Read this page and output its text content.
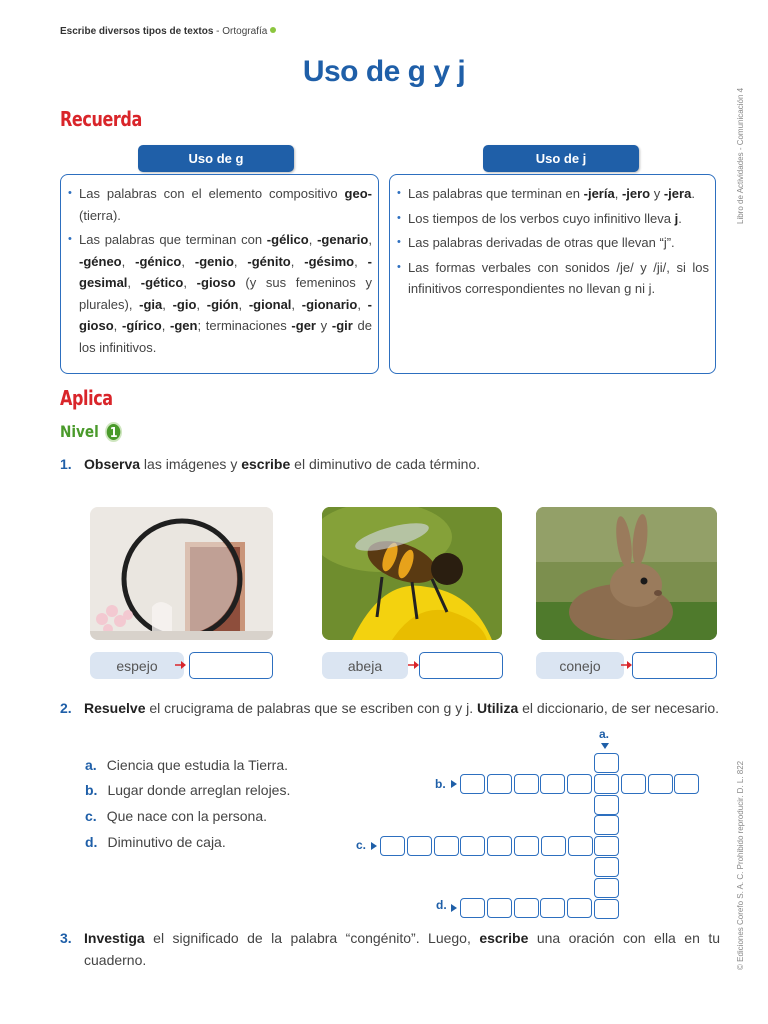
Escribe diversos tipos de textos - Ortografía
Uso de g y j
Libro de Actividades - Comunicación 4
© Ediciones Corefo S. A. C. Prohibido reproducir. D. L. 822
Recuerda
Uso de g	Uso de j
• Las palabras con el elemento compositivo geo- (tierra).
• Las palabras que terminan con -gélico, -genario, -géneo, -génico, -genio, -génito, -gésimo, -gesimal, -gético, -gioso (y sus femeninos y plurales), -gia, -gio, -gión, -gional, -gionario, -gioso, -gírico, -gen; terminaciones -ger y -gir de los infinitivos.
• Las palabras que terminan en -jería, -jero y -jera.
• Los tiempos de los verbos cuyo infinitivo lleva j.
• Las palabras derivadas de otras que llevan “j”.
• Las formas verbales con sonidos /je/ y /ji/, si los infinitivos correspondientes no llevan g ni j.
Aplica
Nivel 1
1. Observa las imágenes y escribe el diminutivo de cada término.
espejo	abeja	conejo
2. Resuelve el crucigrama de palabras que se escriben con g y j. Utiliza el diccionario, de ser necesario.
a. Ciencia que estudia la Tierra.
b. Lugar donde arreglan relojes.
c. Que nace con la persona.
d. Diminutivo de caja.
a.
b.
c.
d.
3. Investiga el significado de la palabra “congénito”. Luego, escribe una oración con ella en tu cuaderno.
